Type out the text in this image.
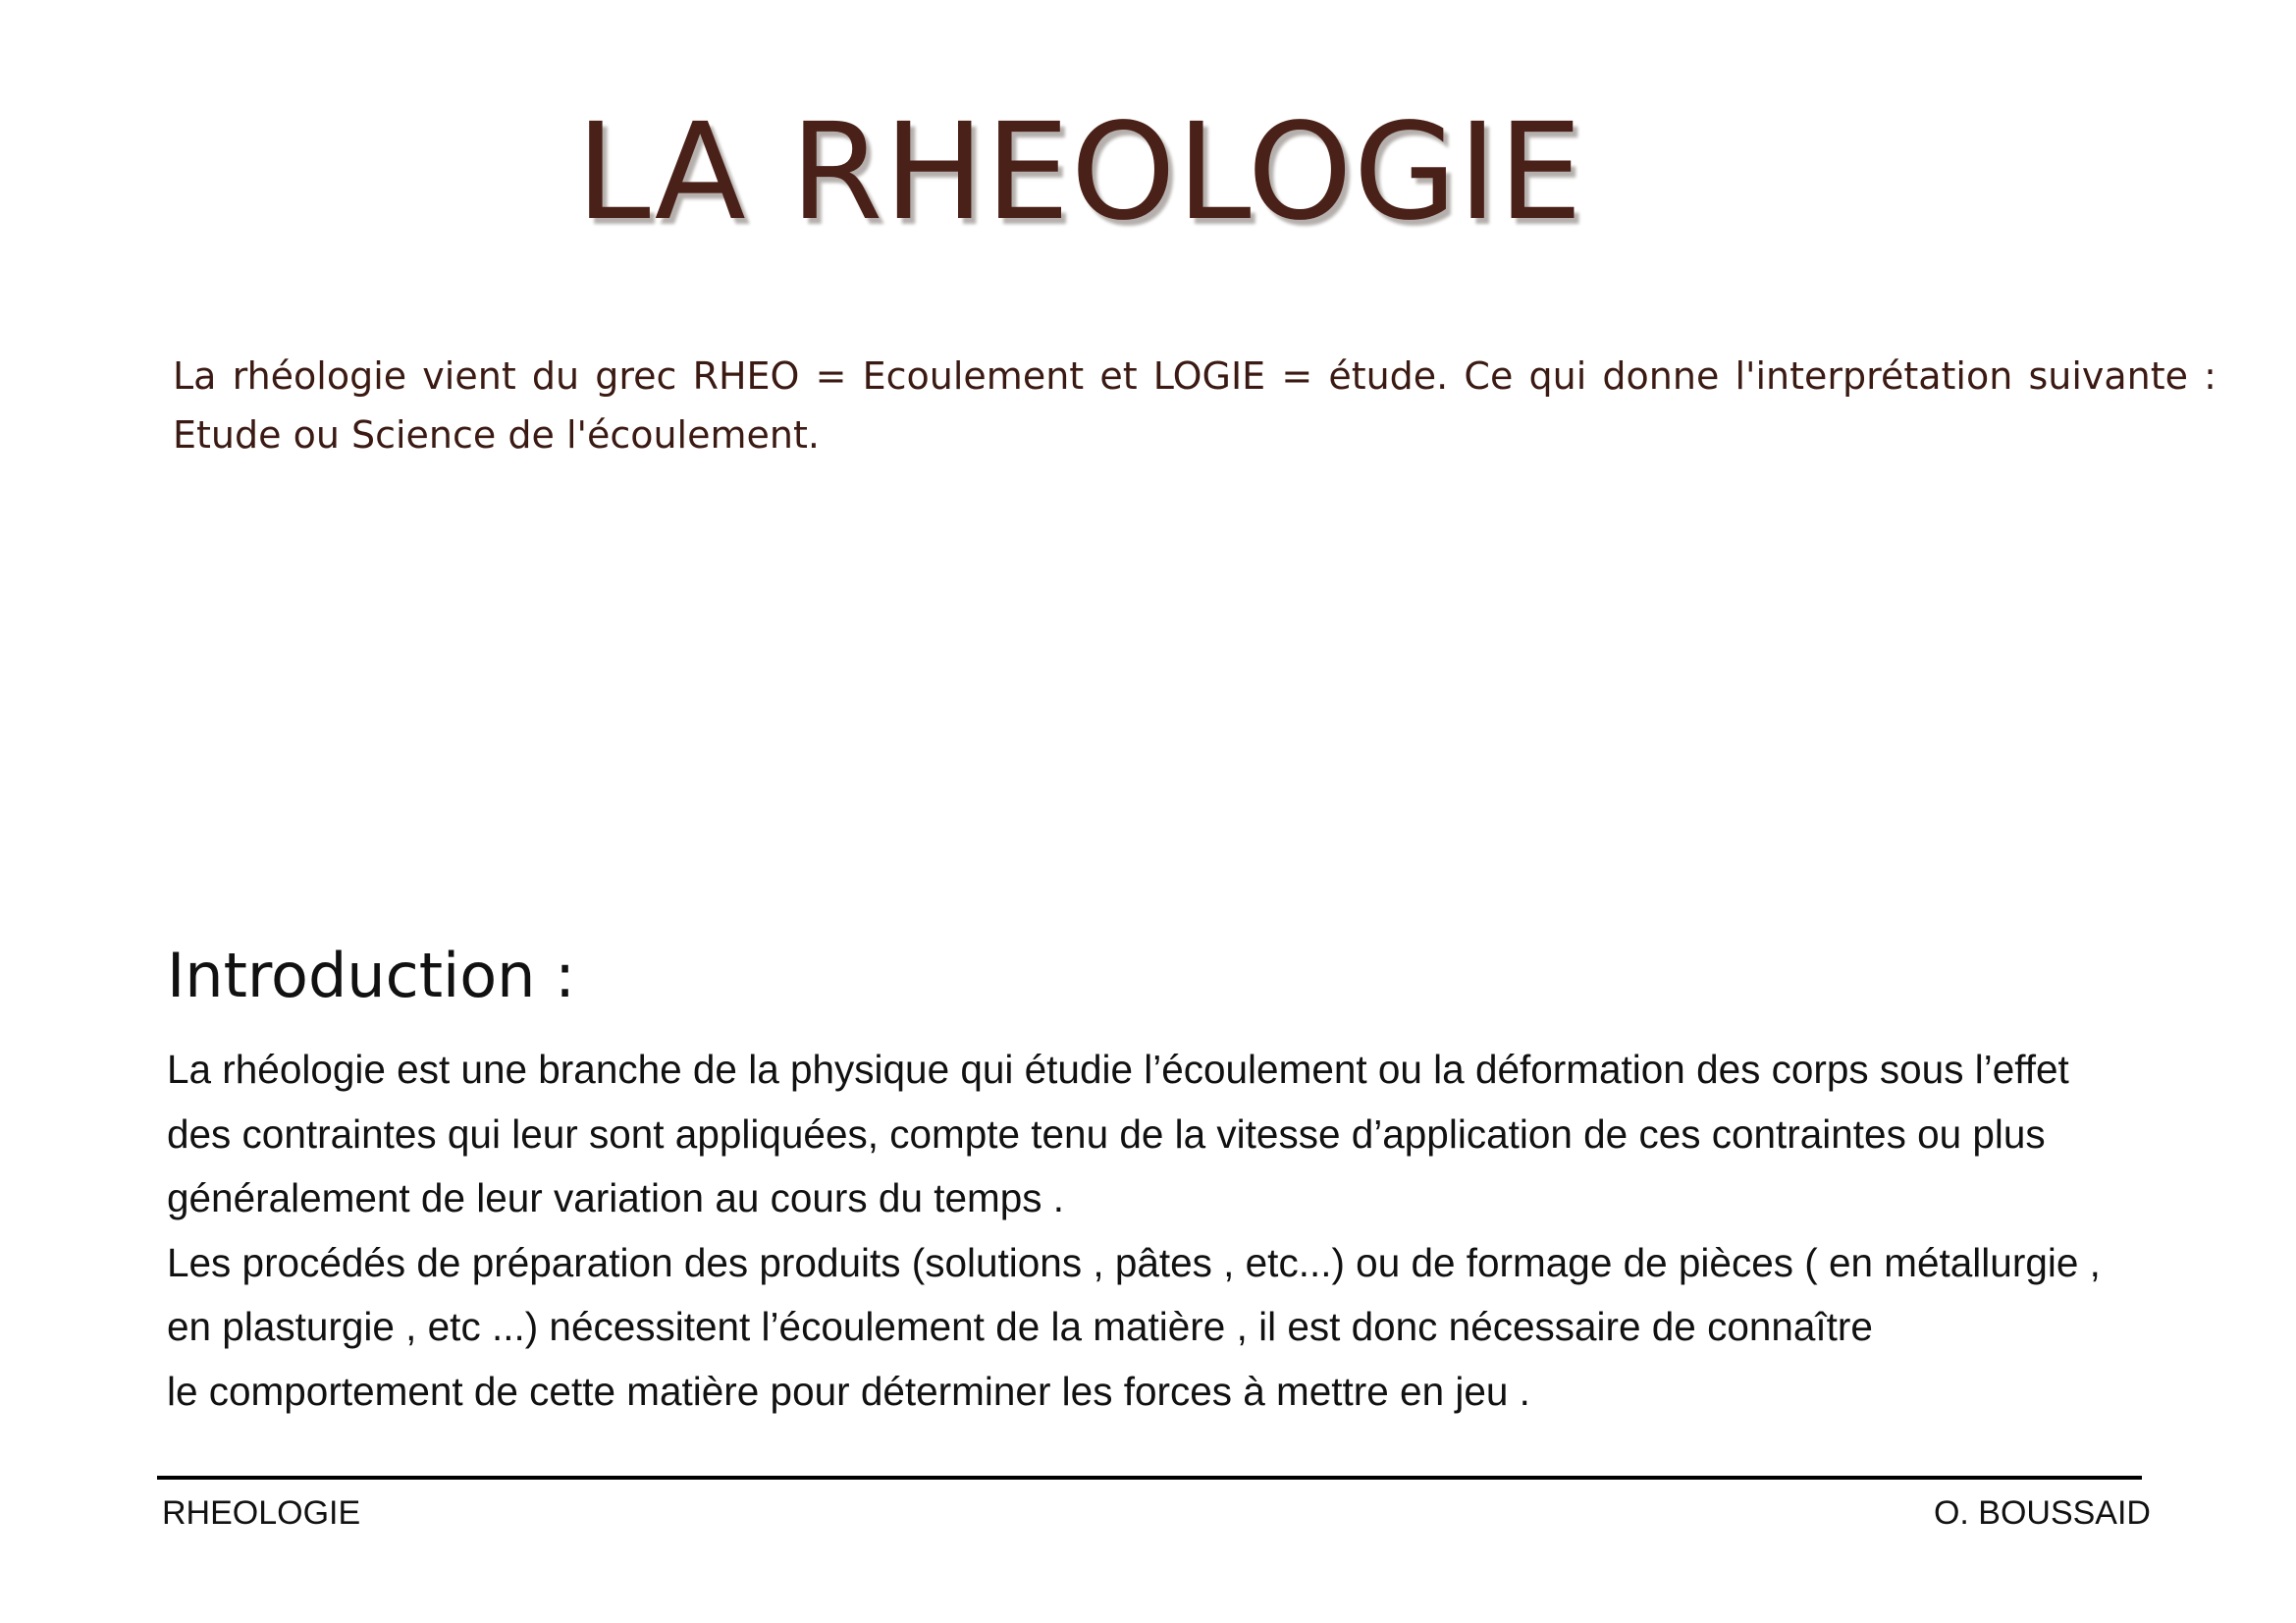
LA RHEOLOGIE

La rhéologie vient du grec RHEO = Ecoulement et LOGIE = étude. Ce qui donne l'interprétation suivante : Etude ou Science de l'écoulement.

Introduction :
La rhéologie est une branche de la physique qui étudie l’écoulement ou la déformation des corps sous l’effet
des contraintes qui leur sont appliquées, compte tenu de la vitesse d’application de ces contraintes ou plus
généralement de leur variation au cours du temps .
Les procédés de préparation des produits (solutions , pâtes , etc...) ou de formage de pièces ( en métallurgie ,
en plasturgie , etc ...) nécessitent l’écoulement de la matière , il est donc nécessaire de connaître
le comportement de cette matière pour déterminer les forces à mettre en jeu .
RHEOLOGIE	O. BOUSSAID
